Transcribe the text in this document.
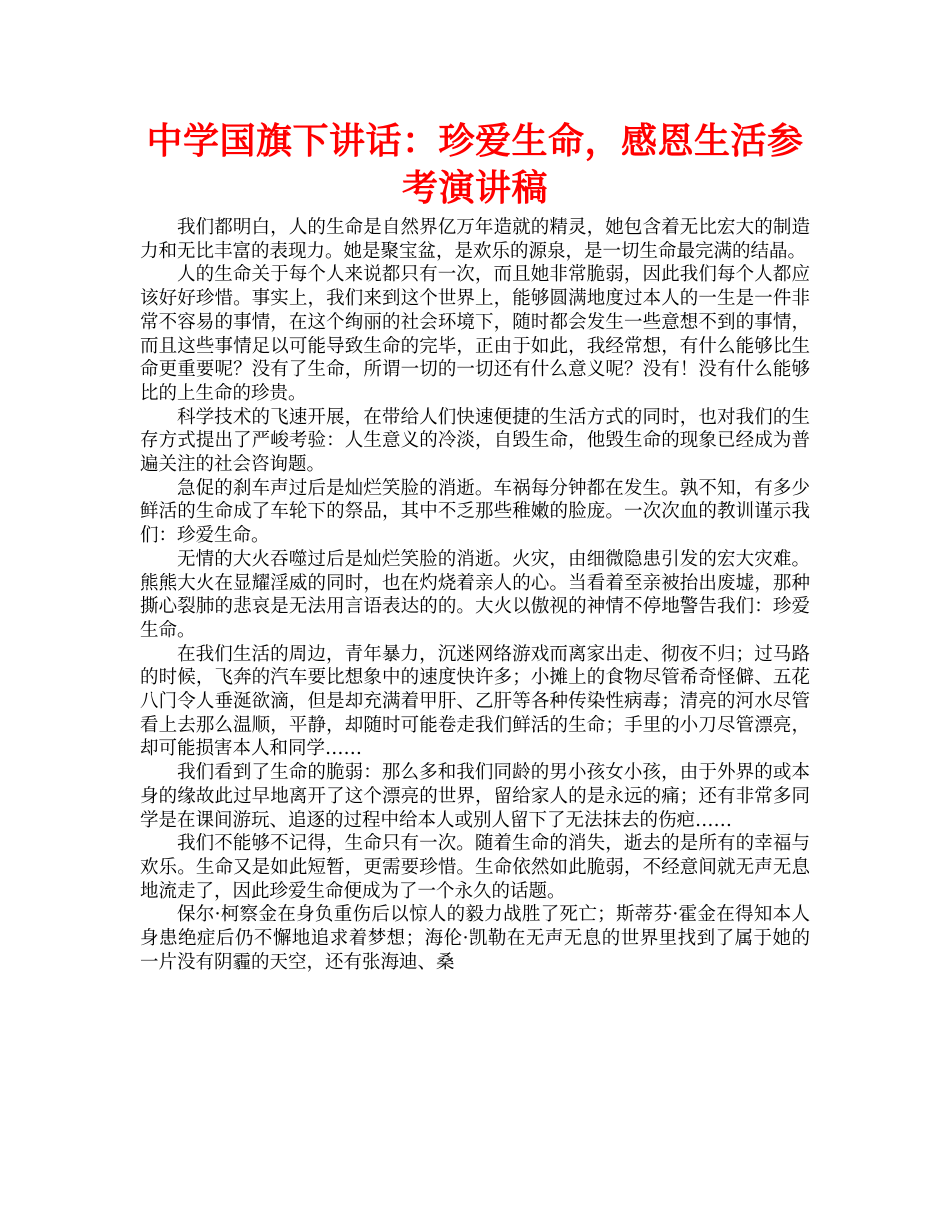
中学国旗下讲话：珍爱生命，感恩生活参考演讲稿

我们都明白，人的生命是自然界亿万年造就的精灵，她包含着无比宏大的制造力和无比丰富的表现力。她是聚宝盆，是欢乐的源泉，是一切生命最完满的结晶。

人的生命关于每个人来说都只有一次，而且她非常脆弱，因此我们每个人都应该好好珍惜。事实上，我们来到这个世界上，能够圆满地度过本人的一生是一件非常不容易的事情，在这个绚丽的社会环境下，随时都会发生一些意想不到的事情，而且这些事情足以可能导致生命的完毕，正由于如此，我经常想，有什么能够比生命更重要呢？没有了生命，所谓一切的一切还有什么意义呢？没有！没有什么能够比的上生命的珍贵。

科学技术的飞速开展，在带给人们快速便捷的生活方式的同时，也对我们的生存方式提出了严峻考验：人生意义的冷淡，自毁生命，他毁生命的现象已经成为普遍关注的社会咨询题。

急促的刹车声过后是灿烂笑脸的消逝。车祸每分钟都在发生。孰不知，有多少鲜活的生命成了车轮下的祭品，其中不乏那些稚嫩的脸庞。一次次血的教训谨示我们：珍爱生命。

无情的大火吞噬过后是灿烂笑脸的消逝。火灾，由细微隐患引发的宏大灾难。熊熊大火在显耀淫威的同时，也在灼烧着亲人的心。当看着至亲被抬出废墟，那种撕心裂肺的悲哀是无法用言语表达的的。大火以傲视的神情不停地警告我们：珍爱生命。

在我们生活的周边，青年暴力，沉迷网络游戏而离家出走、彻夜不归；过马路的时候，飞奔的汽车要比想象中的速度快许多；小摊上的食物尽管希奇怪僻、五花八门令人垂涎欲滴，但是却充满着甲肝、乙肝等各种传染性病毒；清亮的河水尽管看上去那么温顺，平静，却随时可能卷走我们鲜活的生命；手里的小刀尽管漂亮，却可能损害本人和同学……

我们看到了生命的脆弱：那么多和我们同龄的男小孩女小孩，由于外界的或本身的缘故此过早地离开了这个漂亮的世界，留给家人的是永远的痛；还有非常多同学是在课间游玩、追逐的过程中给本人或别人留下了无法抹去的伤疤……

我们不能够不记得，生命只有一次。随着生命的消失，逝去的是所有的幸福与欢乐。生命又是如此短暂，更需要珍惜。生命依然如此脆弱，不经意间就无声无息地流走了，因此珍爱生命便成为了一个永久的话题。

保尔·柯察金在身负重伤后以惊人的毅力战胜了死亡；斯蒂芬·霍金在得知本人身患绝症后仍不懈地追求着梦想；海伦·凯勒在无声无息的世界里找到了属于她的一片没有阴霾的天空，还有张海迪、桑
